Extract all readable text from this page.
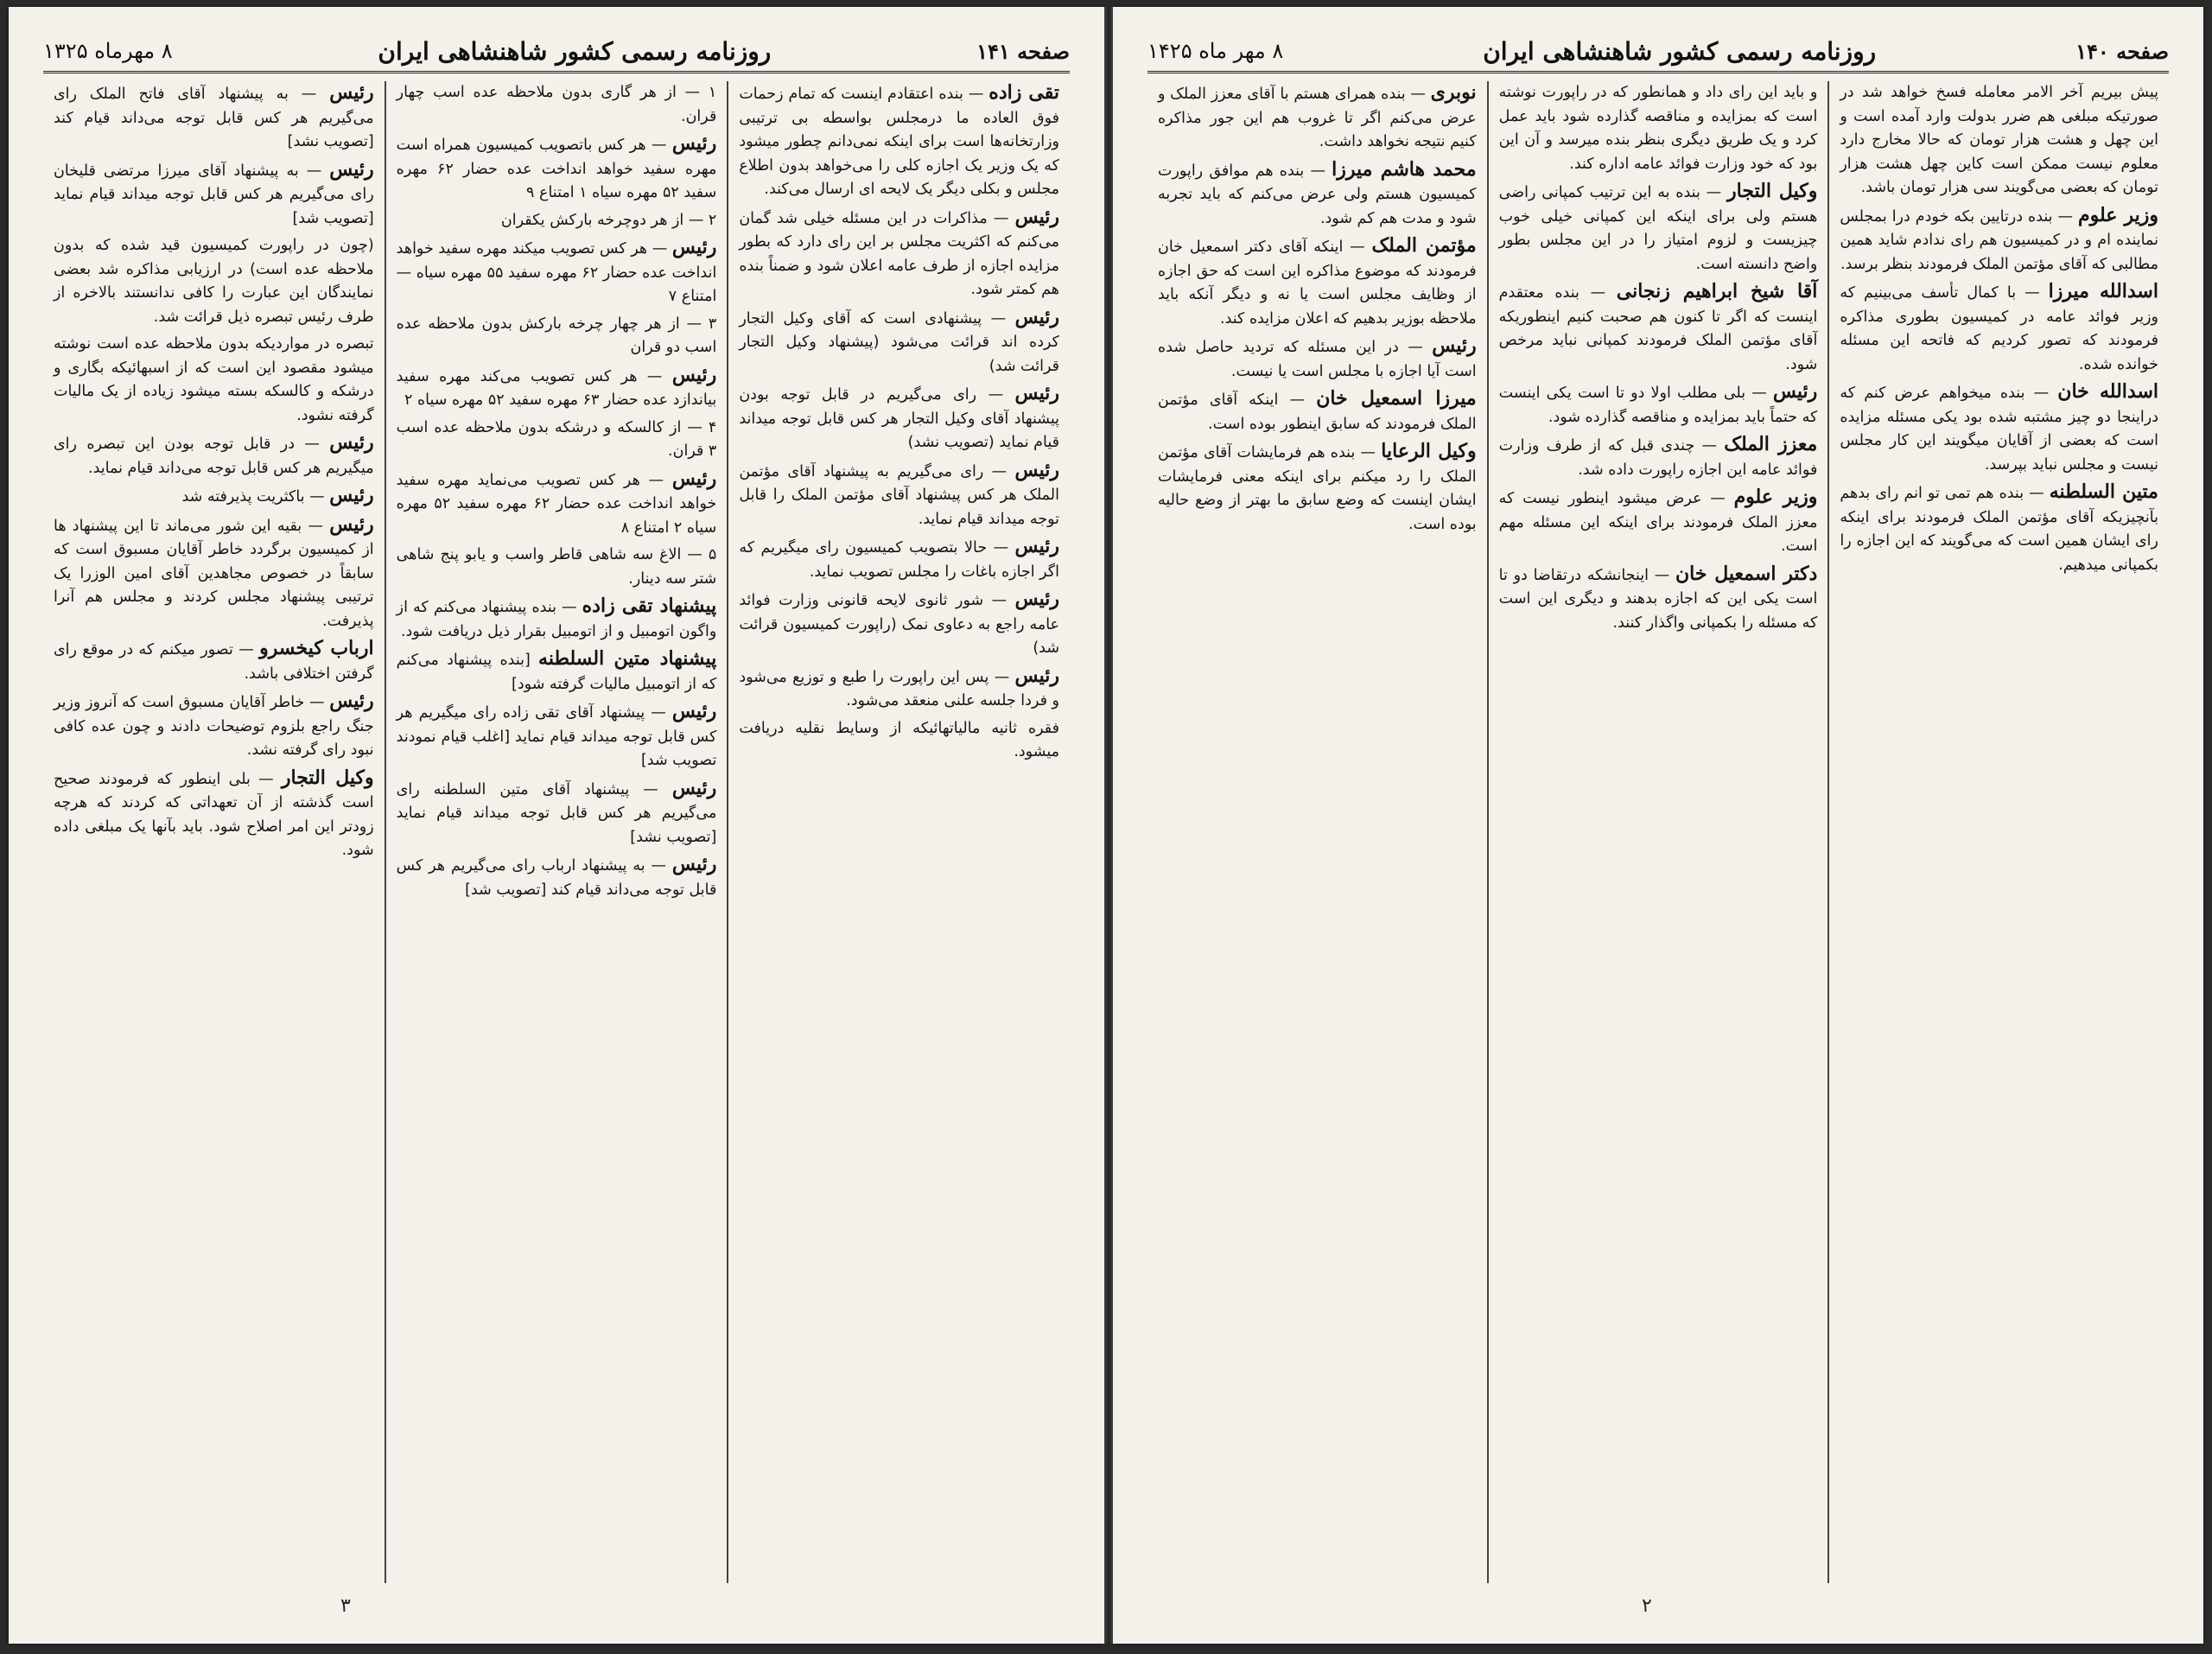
صفحه ۱۴۱
روزنامه رسمی کشور شاهنشاهی ایران
۸ مهرماه ۱۳۲۵

تقی زاده — بنده اعتقادم اینست که تمام زحمات فوق العاده ما درمجلس بواسطه بی ترتیبی وزارتخانه‌ها است برای اینکه نمی‌دانم چطور میشود که یک وزیر یک اجازه کلی را می‌خواهد بدون اطلاع مجلس و بکلی دیگر یک لایحه ای ارسال می‌کند.

رئیس — مذاکرات در این مسئله خیلی شد گمان می‌کنم که اکثریت مجلس بر این رای دارد که بطور مزایده اجازه از طرف عامه اعلان شود و ضمناً بنده هم کمتر شود.

رئیس — پیشنهادی است که آقای وکیل التجار کرده اند قرائت می‌شود (پیشنهاد وکیل التجار قرائت شد)

رئیس — رای می‌گیریم در قابل توجه بودن پیشنهاد آقای وکیل التجار هر کس قابل توجه میداند قیام نماید (تصویب نشد)

رئیس — رای می‌گیریم به پیشنهاد آقای مؤتمن الملک هر کس پیشنهاد آقای مؤتمن الملک را قابل توجه میداند قیام نماید.

رئیس — حالا بتصویب کمیسیون رای میگیریم که اگر اجازه باغات را مجلس تصویب نماید.

رئیس — شور ثانوی لایحه قانونی وزارت فوائد عامه راجع به دعاوی نمک (راپورت کمیسیون قرائت شد)

رئیس — پس این راپورت را طبع و توزیع می‌شود و فردا جلسه علنی منعقد می‌شود.

فقره ثانیه مالیاتهائیکه از وسایط نقلیه دریافت میشود.

۱ — از هر گاری بدون ملاحظه عده اسب چهار قران.

رئیس — هر کس باتصویب کمیسیون همراه است مهره سفید خواهد انداخت عده حضار ۶۲ مهره سفید ۵۲ مهره سیاه ۱ امتناع ۹

۲ — از هر دوچرخه بارکش یکقران

رئیس — هر کس تصویب میکند مهره سفید خواهد انداخت عده حضار ۶۲ مهره سفید ۵۵ مهره سیاه — امتناع ۷

۳ — از هر چهار چرخه بارکش بدون ملاحظه عده اسب دو قران

رئیس — هر کس تصویب می‌کند مهره سفید بیاندازد عده حضار ۶۳ مهره سفید ۵۲ مهره سیاه ۲

۴ — از کالسکه و درشکه بدون ملاحظه عده اسب ۳ قران.

رئیس — هر کس تصویب می‌نماید مهره سفید خواهد انداخت عده حضار ۶۲ مهره سفید ۵۲ مهره سیاه ۲ امتناع ۸

۵ — الاغ سه شاهی قاطر واسب و یابو پنج شاهی شتر سه دینار.

پیشنهاد تقی زاده — بنده پیشنهاد می‌کنم که از واگون اتومبیل و از اتومبیل بقرار ذیل دریافت شود.

پیشنهاد متین السلطنه [بنده پیشنهاد می‌کنم که از اتومبیل مالیات گرفته شود]

رئیس — پیشنهاد آقای تقی زاده رای میگیریم هر کس قابل توجه میداند قیام نماید [اغلب قیام نمودند تصویب شد]

رئیس — پیشنهاد آقای متین السلطنه رای می‌گیریم هر کس قابل توجه میداند قیام نماید [تصویب نشد]

رئیس — به پیشنهاد ارباب رای می‌گیریم هر کس قابل توجه می‌داند قیام کند [تصویب شد]

رئیس — به پیشنهاد آقای فاتح الملک رای می‌گیریم هر کس قابل توجه می‌داند قیام کند [تصویب نشد]

رئیس — به پیشنهاد آقای میرزا مرتضی قلیخان رای می‌گیریم هر کس قابل توجه میداند قیام نماید [تصویب شد]

(چون در راپورت کمیسیون قید شده که بدون ملاحظه عده است) در ارزیابی مذاکره شد بعضی نمایندگان این عبارت را کافی ندانستند بالاخره از طرف رئیس تبصره ذیل قرائت شد.

تبصره در مواردیکه بدون ملاحظه عده است نوشته میشود مقصود این است که از اسبهائیکه بگاری و درشکه و کالسکه بسته میشود زیاده از یک مالیات گرفته نشود.

رئیس — در قابل توجه بودن این تبصره رای میگیریم هر کس قابل توجه می‌داند قیام نماید.

رئیس — باکثریت پذیرفته شد

رئیس — بقیه این شور می‌ماند تا این پیشنهاد ها از کمیسیون برگردد خاطر آقایان مسبوق است که سابقاً در خصوص مجاهدین آقای امین الوزرا یک ترتیبی پیشنهاد مجلس کردند و مجلس هم آنرا پذیرفت.

ارباب کیخسرو — تصور میکنم که در موقع رای گرفتن اختلافی باشد.

رئیس — خاطر آقایان مسبوق است که آنروز وزیر جنگ راجع بلزوم توضیحات دادند و چون عده کافی نبود رای گرفته نشد.

وکیل التجار — بلی اینطور که فرمودند صحیح است گذشته از آن تعهداتی که کردند که هرچه زودتر این امر اصلاح شود. باید بآنها یک مبلغی داده شود.

۳
صفحه ۱۴۰
روزنامه رسمی کشور شاهنشاهی ایران
۸ مهر ماه ۱۴۲۵

پیش بیریم آخر الامر معامله فسخ خواهد شد در صورتیکه مبلغی هم ضرر بدولت وارد آمده است و این چهل و هشت هزار تومان که حالا مخارج دارد معلوم نیست ممکن است کاین چهل هشت هزار تومان که بعضی می‌گویند سی هزار تومان باشد.

وزیر علوم — بنده درتایین بکه خودم درا بمجلس نماینده ام و در کمیسیون هم رای ندادم شاید همین مطالبی که آقای مؤتمن الملک فرمودند بنظر برسد.

اسدالله میرزا — با کمال تأسف می‌بینیم که وزیر فوائد عامه در کمیسیون بطوری مذاکره فرمودند که تصور کردیم که فاتحه این مسئله خوانده شده.

اسدالله خان — بنده میخواهم عرض کنم که دراینجا دو چیز مشتبه شده بود یکی مسئله مزایده است که بعضی از آقایان میگویند این کار مجلس نیست و مجلس نباید بپرسد.

متین السلطنه — بنده هم تمی تو انم رای بدهم بآنچیزیکه آقای مؤتمن الملک فرمودند برای اینکه رای ایشان همین است که می‌گویند که این اجازه را بکمپانی میدهیم.

و باید این رای داد و همانطور که در راپورت نوشته است که بمزایده و مناقصه گذارده شود باید عمل کرد و یک طریق دیگری بنظر بنده میرسد و آن این بود که خود وزارت فوائد عامه اداره کند.

وکیل التجار — بنده به این ترتیب کمپانی راضی هستم ولی برای اینکه این کمپانی خیلی خوب چیزیست و لزوم امتیاز را در این مجلس بطور واضح دانسته است.

آقا شیخ ابراهیم زنجانی — بنده معتقدم اینست که اگر تا کنون هم صحبت کنیم اینطوریکه آقای مؤتمن الملک فرمودند کمپانی نباید مرخص شود.

رئیس — بلی مطلب اولا دو تا است یکی اینست که حتماً باید بمزایده و مناقصه گذارده شود.

معزز الملک — چندی قبل که از طرف وزارت فوائد عامه این اجازه راپورت داده شد.

وزیر علوم — عرض میشود اینطور نیست که معزز الملک فرمودند برای اینکه این مسئله مهم است.

دکتر اسمعیل خان — اینجانشکه درتقاضا دو تا است یکی این که اجازه بدهند و دیگری این است که مسئله را بکمپانی واگذار کنند.

نوبری — بنده همرای هستم با آقای معزز الملک و عرض می‌کنم اگر تا غروب هم این جور مذاکره کنیم نتیجه نخواهد داشت.

محمد هاشم میرزا — بنده هم موافق راپورت کمیسیون هستم ولی عرض می‌کنم که باید تجربه شود و مدت هم کم شود.

مؤتمن الملک — اینکه آقای دکتر اسمعیل خان فرمودند که موضوع مذاکره این است که حق اجازه از وظایف مجلس است یا نه و دیگر آنکه باید ملاحظه بوزیر بدهیم که اعلان مزایده کند.

رئیس — در این مسئله که تردید حاصل شده است آیا اجازه با مجلس است یا نیست.

میرزا اسمعیل خان — اینکه آقای مؤتمن الملک فرمودند که سابق اینطور بوده است.

وکیل الرعایا — بنده هم فرمایشات آقای مؤتمن الملک را رد میکنم برای اینکه معنی فرمایشات ایشان اینست که وضع سابق ما بهتر از وضع حالیه بوده است.

۲
